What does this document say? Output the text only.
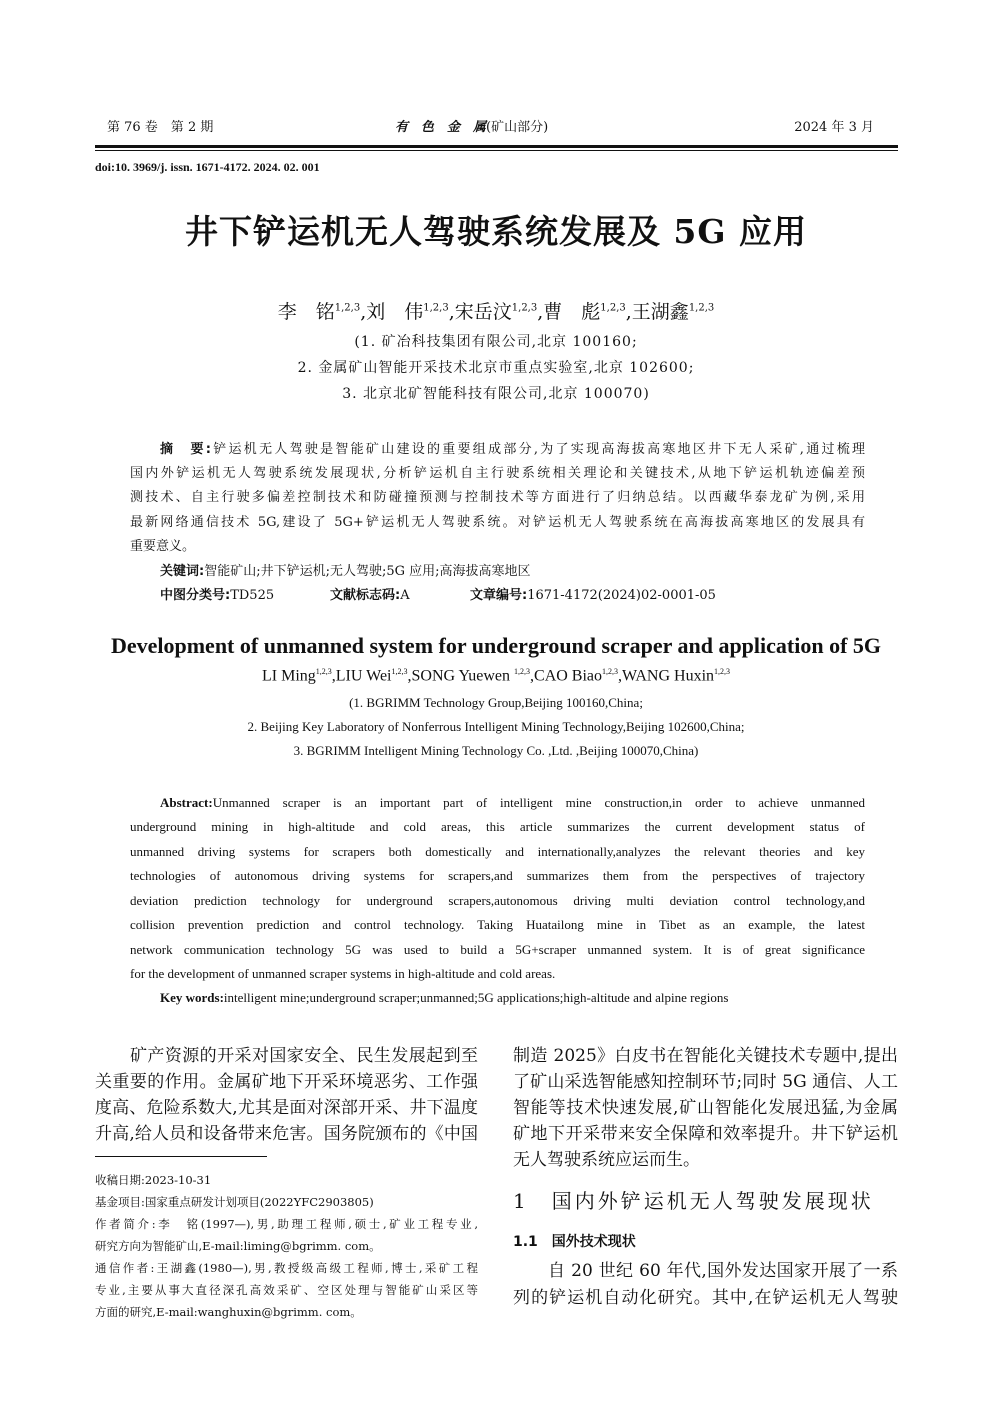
第 76 卷　第 2 期	有　色　金　属(矿山部分)	2024 年 3 月
doi:10. 3969/j. issn. 1671-4172. 2024. 02. 001
井下铲运机无人驾驶系统发展及 5G 应用
李　铭$^{1,2,3}$,刘　伟$^{1,2,3}$,宋岳汶$^{1,2,3}$,曹　彪$^{1,2,3}$,王湖鑫$^{1,2,3}$
(1. 矿冶科技集团有限公司,北京 100160;
2. 金属矿山智能开采技术北京市重点实验室,北京 102600;
3. 北京北矿智能科技有限公司,北京 100070)
摘　要:铲运机无人驾驶是智能矿山建设的重要组成部分,为了实现高海拔高寒地区井下无人采矿,通过梳理
国内外铲运机无人驾驶系统发展现状,分析铲运机自主行驶系统相关理论和关键技术,从地下铲运机轨迹偏差预
测技术、自主行驶多偏差控制技术和防碰撞预测与控制技术等方面进行了归纳总结。以西藏华泰龙矿为例,采用
最新网络通信技术 5G,建设了 5G+铲运机无人驾驶系统。对铲运机无人驾驶系统在高海拔高寒地区的发展具有
重要意义。
关键词:智能矿山;井下铲运机;无人驾驶;5G 应用;高海拔高寒地区
中图分类号:TD525	文献标志码:A	文章编号:1671-4172(2024)02-0001-05
Development of unmanned system for underground scraper and application of 5G
LI Ming$^{1,2,3}$,LIU Wei$^{1,2,3}$,SONG Yuewen $^{1,2,3}$,CAO Biao$^{1,2,3}$,WANG Huxin$^{1,2,3}$
(1. BGRIMM Technology Group,Beijing 100160,China;
2. Beijing Key Laboratory of Nonferrous Intelligent Mining Technology,Beijing 102600,China;
3. BGRIMM Intelligent Mining Technology Co. ,Ltd. ,Beijing 100070,China)
Abstract:Unmanned scraper is an important part of intelligent mine construction,in order to achieve unmanned
underground mining in high-altitude and cold areas, this article summarizes the current development status of
unmanned driving systems for scrapers both domestically and internationally,analyzes the relevant theories and key
technologies of autonomous driving systems for scrapers,and summarizes them from the perspectives of trajectory
deviation prediction technology for underground scrapers,autonomous driving multi deviation control technology,and
collision prevention prediction and control technology. Taking Huatailong mine in Tibet as an example, the latest
network communication technology 5G was used to build a 5G+scraper unmanned system. It is of great significance
for the development of unmanned scraper systems in high-altitude and cold areas.
Key words:intelligent mine;underground scraper;unmanned;5G applications;high-altitude and alpine regions
矿产资源的开采对国家安全、民生发展起到至
关重要的作用。金属矿地下开采环境恶劣、工作强
度高、危险系数大,尤其是面对深部开采、井下温度
升高,给人员和设备带来危害。国务院颁布的《中国
收稿日期:2023-10-31
基金项目:国家重点研发计划项目(2022YFC2903805)
作者简介:李　铭(1997—),男,助理工程师,硕士,矿业工程专业,
研究方向为智能矿山,E-mail:liming@bgrimm. com。
通信作者:王湖鑫(1980—),男,教授级高级工程师,博士,采矿工程
专业,主要从事大直径深孔高效采矿、空区处理与智能矿山采区等
方面的研究,E-mail:wanghuxin@bgrimm. com。
制造 2025》白皮书在智能化关键技术专题中,提出
了矿山采选智能感知控制环节;同时 5G 通信、人工
智能等技术快速发展,矿山智能化发展迅猛,为金属
矿地下开采带来安全保障和效率提升。井下铲运机
无人驾驶系统应运而生。
1　国内外铲运机无人驾驶发展现状
1.1　国外技术现状
自 20 世纪 60 年代,国外发达国家开展了一系
列的铲运机自动化研究。其中,在铲运机无人驾驶
